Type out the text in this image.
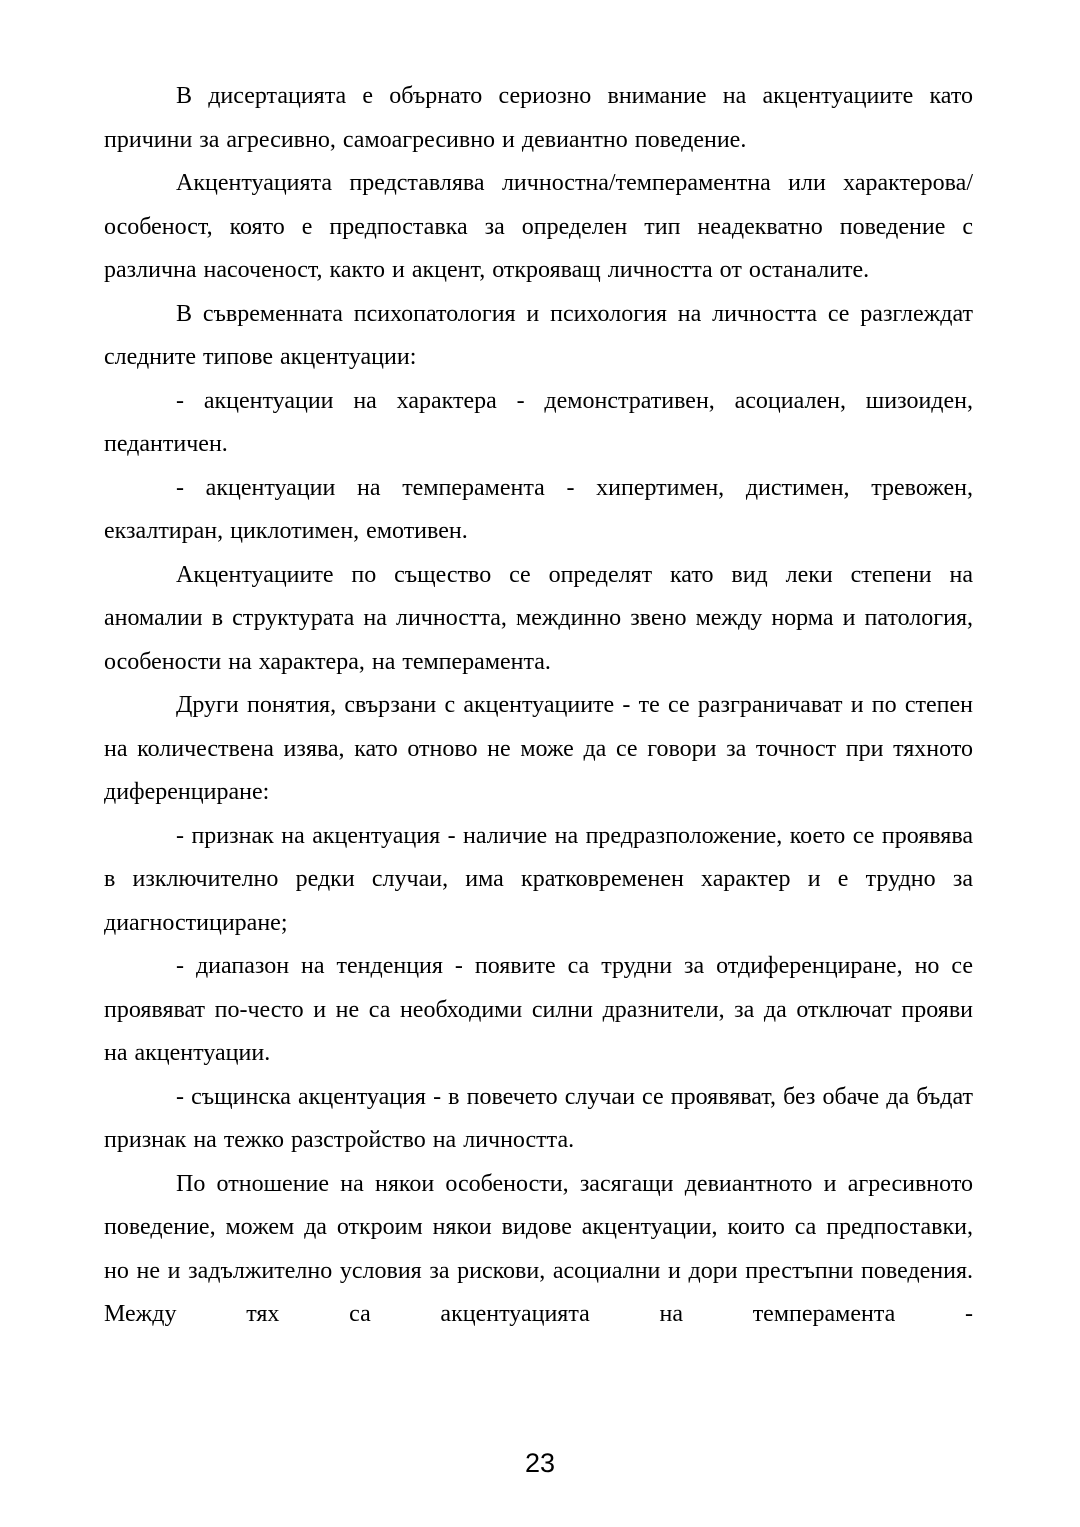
В дисертацията е обърнато сериозно внимание на акцентуациите като причини за агресивно, самоагресивно и девиантно поведение.

Акцентуацията представлява личностна/темпераментна или характерова/особеност, която е предпоставка за определен тип неадекватно поведение с различна насоченост, както и акцент, открояващ личността от останалите.

В съвременната психопатология и психология на личността се разглеждат следните типове акцентуации:

- акцентуации на характера - демонстративен, асоциален, шизоиден, педантичен.

- акцентуации на темперамента - хипертимен, дистимен, тревожен, екзалтиран, циклотимен, емотивен.

Акцентуациите по същество се определят като вид леки степени на аномалии в структурата на личността, междинно звено между норма и патология, особености на характера, на темперамента.

Други понятия, свързани с акцентуациите - те се разграничават и по степен на количествена изява, като отново не може да се говори за точност при тяхното диференциране:

- признак на акцентуация - наличие на предразположение, което се проявява в изключително редки случаи, има кратковременен характер и е трудно за диагностициране;

- диапазон на тенденция - появите са трудни за отдиференциране, но се проявяват по-често и не са необходими силни дразнители, за да отключат прояви на акцентуации.

- същинска акцентуация - в повечето случаи се проявяват, без обаче да бъдат признак на тежко разстройство на личността.

По отношение на някои особености, засягащи девиантното и агресивното поведение, можем да откроим някои видове акцентуации, които са предпоставки, но не и задължително условия за рискови, асоциални и дори престъпни поведения. Между тях са акцентуацията на темперамента -

23
